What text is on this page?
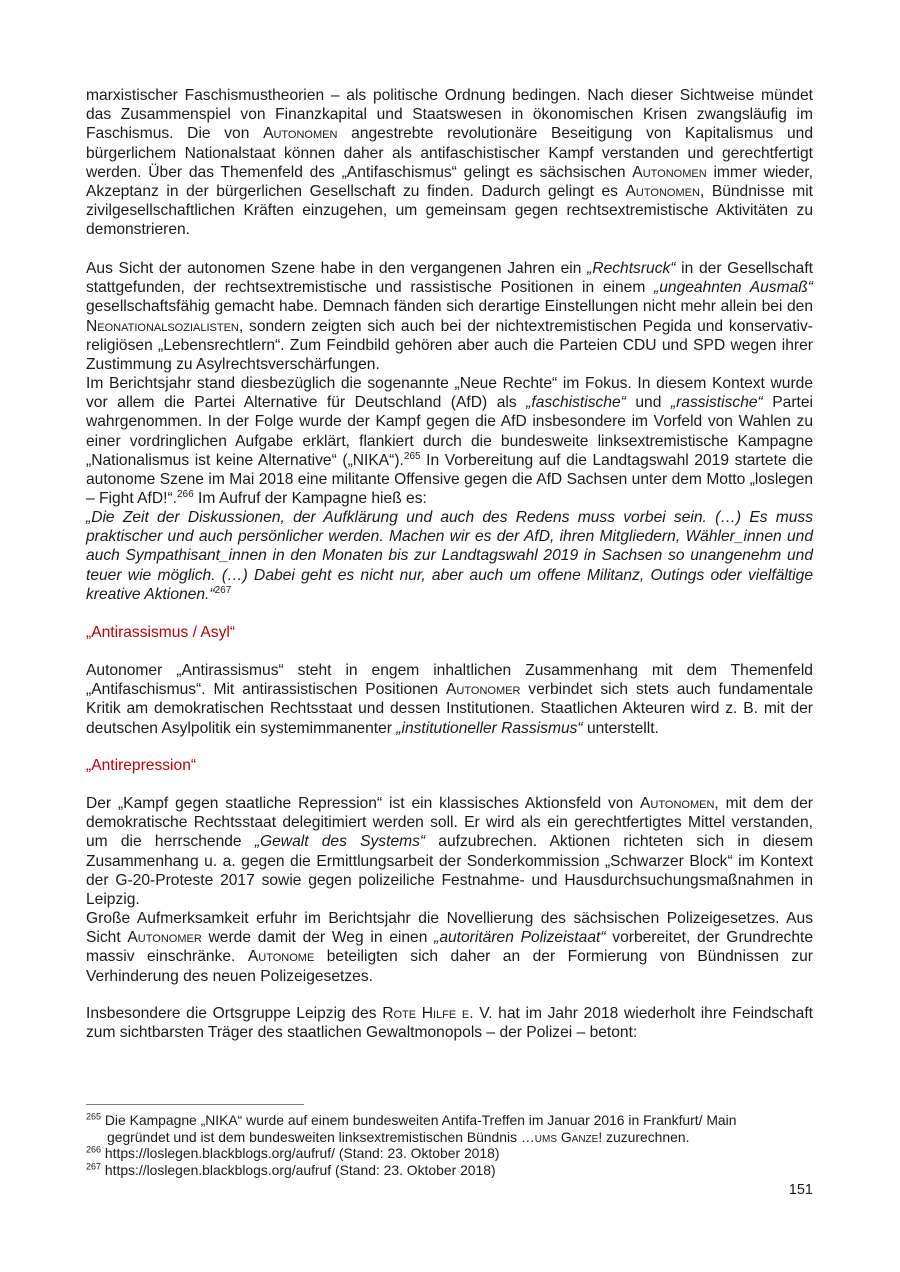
marxistischer Faschismustheorien – als politische Ordnung bedingen. Nach dieser Sichtweise mündet das Zusammenspiel von Finanzkapital und Staatswesen in ökonomischen Krisen zwangsläufig im Faschismus. Die von Autonomen angestrebte revolutionäre Beseitigung von Kapitalismus und bürgerlichem Nationalstaat können daher als antifaschistischer Kampf verstanden und gerechtfertigt werden. Über das Themenfeld des „Antifaschismus“ gelingt es sächsischen Autonomen immer wieder, Akzeptanz in der bürgerlichen Gesellschaft zu finden. Dadurch gelingt es Autonomen, Bündnisse mit zivilgesellschaftlichen Kräften einzugehen, um gemeinsam gegen rechtsextremistische Aktivitäten zu demonstrieren.

Aus Sicht der autonomen Szene habe in den vergangenen Jahren ein „Rechtsruck“ in der Gesellschaft stattgefunden, der rechtsextremistische und rassistische Positionen in einem „ungeahnten Ausmaß“ gesellschaftsfähig gemacht habe. Demnach fänden sich derartige Einstellungen nicht mehr allein bei den Neonationalsozialisten, sondern zeigten sich auch bei der nichtextremistischen Pegida und konservativ-religiösen „Lebensrechtlern“. Zum Feindbild gehören aber auch die Parteien CDU und SPD wegen ihrer Zustimmung zu Asylrechtsverschärfungen.

Im Berichtsjahr stand diesbezüglich die sogenannte „Neue Rechte“ im Fokus. In diesem Kontext wurde vor allem die Partei Alternative für Deutschland (AfD) als „faschistische“ und „rassistische“ Partei wahrgenommen. In der Folge wurde der Kampf gegen die AfD insbesondere im Vorfeld von Wahlen zu einer vordringlichen Aufgabe erklärt, flankiert durch die bundesweite linksextremistische Kampagne „Nationalismus ist keine Alternative“ („NIKA“).$^{265}$ In Vorbereitung auf die Landtagswahl 2019 startete die autonome Szene im Mai 2018 eine militante Offensive gegen die AfD Sachsen unter dem Motto „loslegen – Fight AfD!“.$^{266}$ Im Aufruf der Kampagne hieß es:

„Die Zeit der Diskussionen, der Aufklärung und auch des Redens muss vorbei sein. (…) Es muss praktischer und auch persönlicher werden. Machen wir es der AfD, ihren Mitgliedern, Wähler_innen und auch Sympathisant_innen in den Monaten bis zur Landtagswahl 2019 in Sachsen so unangenehm und teuer wie möglich. (…) Dabei geht es nicht nur, aber auch um offene Militanz, Outings oder vielfältige kreative Aktionen.“$^{267}$

„Antirassismus / Asyl“

Autonomer „Antirassismus“ steht in engem inhaltlichen Zusammenhang mit dem Themenfeld „Antifaschismus“. Mit antirassistischen Positionen Autonomer verbindet sich stets auch fundamentale Kritik am demokratischen Rechtsstaat und dessen Institutionen. Staatlichen Akteuren wird z. B. mit der deutschen Asylpolitik ein systemimmanenter „institutioneller Rassismus“ unterstellt.

„Antirepression“

Der „Kampf gegen staatliche Repression“ ist ein klassisches Aktionsfeld von Autonomen, mit dem der demokratische Rechtsstaat delegitimiert werden soll. Er wird als ein gerechtfertigtes Mittel verstanden, um die herrschende „Gewalt des Systems“ aufzubrechen. Aktionen richteten sich in diesem Zusammenhang u. a. gegen die Ermittlungsarbeit der Sonderkommission „Schwarzer Block“ im Kontext der G-20-Proteste 2017 sowie gegen polizeiliche Festnahme- und Hausdurchsuchungsmaßnahmen in Leipzig.

Große Aufmerksamkeit erfuhr im Berichtsjahr die Novellierung des sächsischen Polizeigesetzes. Aus Sicht Autonomer werde damit der Weg in einen „autoritären Polizeistaat“ vorbereitet, der Grundrechte massiv einschränke. Autonome beteiligten sich daher an der Formierung von Bündnissen zur Verhinderung des neuen Polizeigesetzes.

Insbesondere die Ortsgruppe Leipzig des Rote Hilfe e. V. hat im Jahr 2018 wiederholt ihre Feindschaft zum sichtbarsten Träger des staatlichen Gewaltmonopols – der Polizei – betont:

$^{265}$ Die Kampagne „NIKA“ wurde auf einem bundesweiten Antifa-Treffen im Januar 2016 in Frankfurt/ Main

gegründet und ist dem bundesweiten linksextremistischen Bündnis …ums Ganze! zuzurechnen.

$^{266}$ https://loslegen.blackblogs.org/aufruf/ (Stand: 23. Oktober 2018)

$^{267}$ https://loslegen.blackblogs.org/aufruf (Stand: 23. Oktober 2018)

151
